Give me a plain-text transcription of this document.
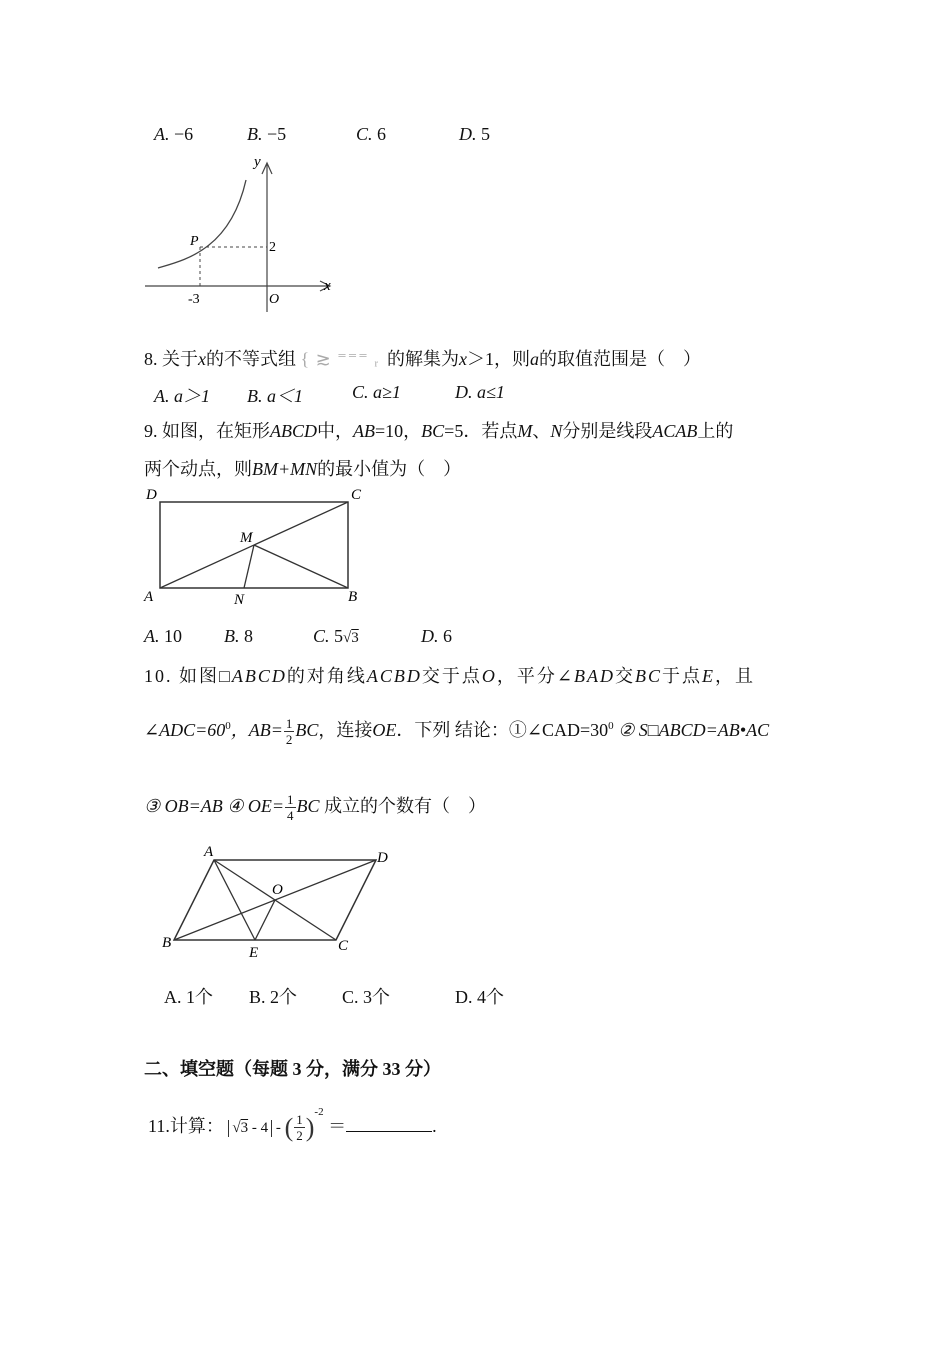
A. −6	B. −5	C. 6	D. 5
y
x
P
-3
2
O
8. 关于x的不等式组 { ≳ ⁼⁼⁼ ᵣ 的解集为x＞1，则a的取值范围是（　）
A. a＞1 B. a＜1	C. a≥1	D. a≤1
9. 如图，在矩形ABCD中，AB=10，BC=5．若点M、N分别是线段ACAB上的
两个动点，则BM+MN的最小值为（　）
D	C
A	B
M
N
A. 10 B. 8	C. 5√3	D. 6
10. 如图□ABCD的对角线ACBD交于点O，平分∠BAD交BC于点E，且
$\angle ADC=60^0$，$AB= \frac{1}{2}$ BC，连接OE．下列 结论：$①\angle CAD=30^0$ ② S□ABCD=AB•AC
③ OB=AB ④ $OE= \frac{1}{4}$ BC 成立的个数有（　）
A	D
B	C
O
E
A. 1个 B. 2个 C. 3个	D. 4个
二、填空题（每题 3 分，满分 33 分）
11.计算： √3 - 4 - ( $\frac{1}{2} )^{-2}$ ＝	.
